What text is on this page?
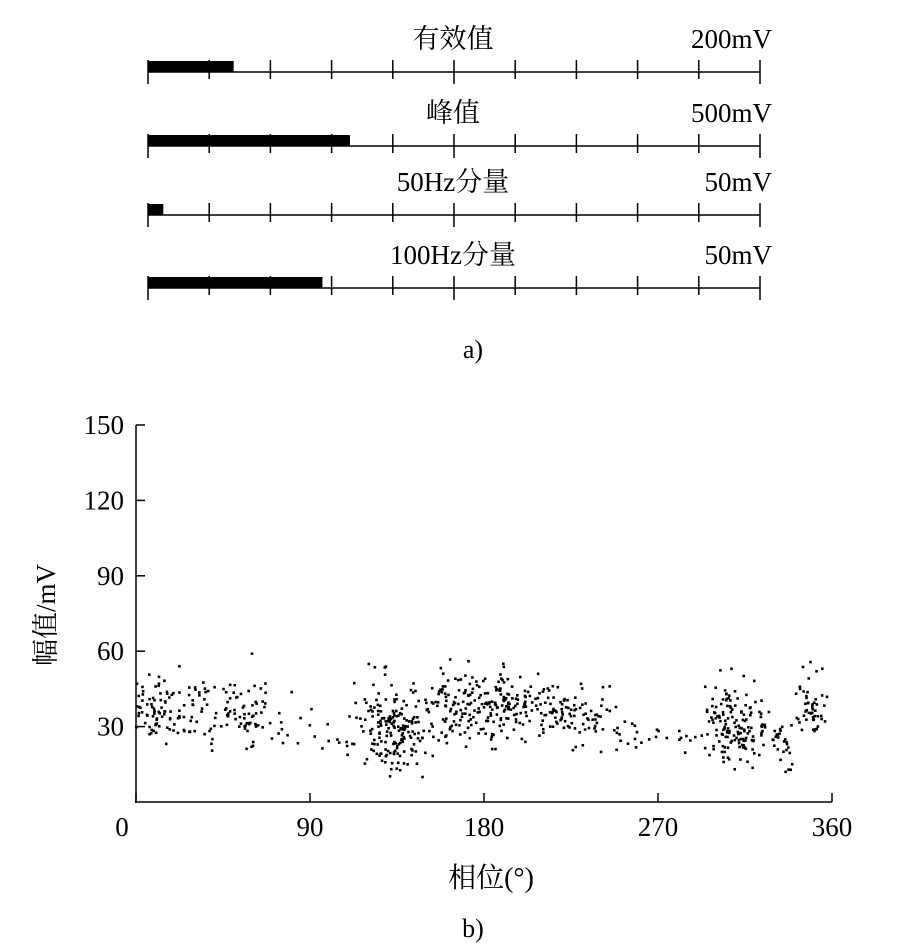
有效值	200mV
峰值	500mV
50Hz分量	50mV
100Hz分量	50mV
a)
0	90	180	270	360
30
60
90
120
150
相位(°)
幅值/mV
b)
